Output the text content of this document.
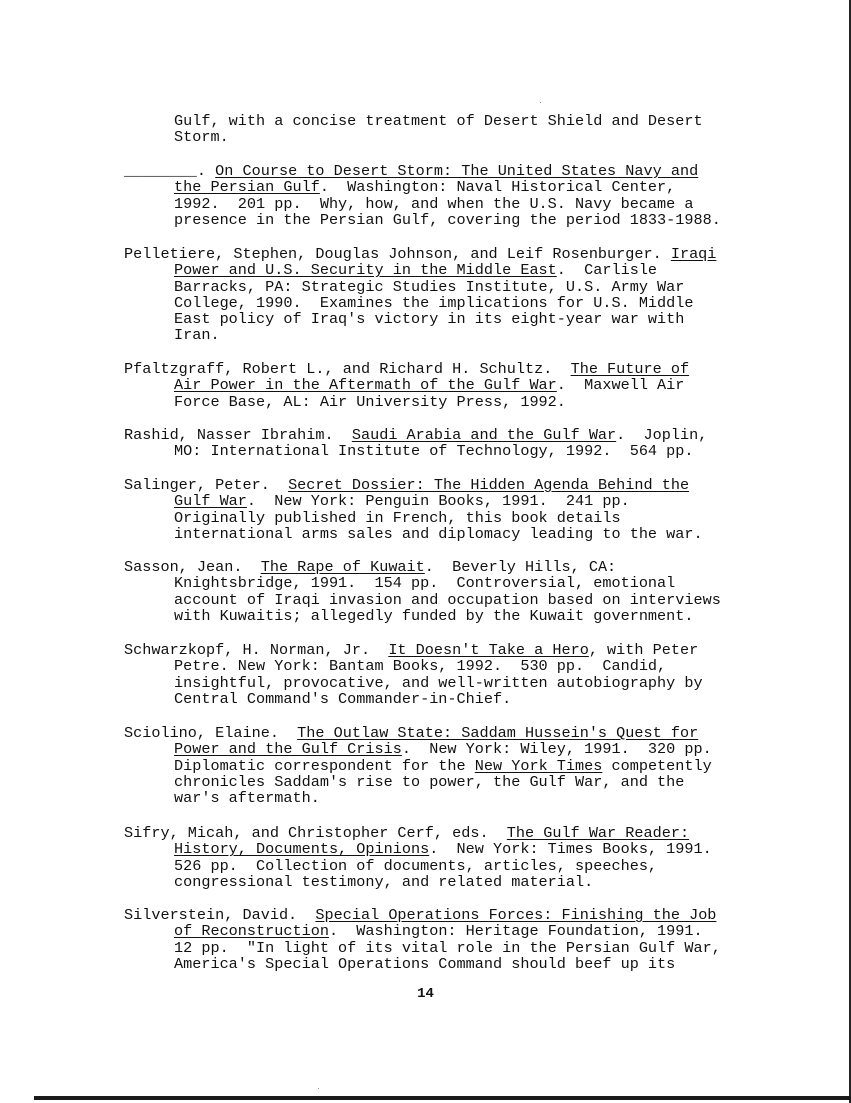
Gulf, with a concise treatment of Desert Shield and Desert
Storm.

________. On Course to Desert Storm: The United States Navy and
the Persian Gulf.  Washington: Naval Historical Center,
1992.  201 pp.  Why, how, and when the U.S. Navy became a
presence in the Persian Gulf, covering the period 1833-1988.

Pelletiere, Stephen, Douglas Johnson, and Leif Rosenburger. Iraqi
Power and U.S. Security in the Middle East.  Carlisle
Barracks, PA: Strategic Studies Institute, U.S. Army War
College, 1990.  Examines the implications for U.S. Middle
East policy of Iraq's victory in its eight-year war with
Iran.

Pfaltzgraff, Robert L., and Richard H. Schultz.  The Future of
Air Power in the Aftermath of the Gulf War.  Maxwell Air
Force Base, AL: Air University Press, 1992.

Rashid, Nasser Ibrahim.  Saudi Arabia and the Gulf War.  Joplin,
MO: International Institute of Technology, 1992.  564 pp.

Salinger, Peter.  Secret Dossier: The Hidden Agenda Behind the
Gulf War.  New York: Penguin Books, 1991.  241 pp.
Originally published in French, this book details
international arms sales and diplomacy leading to the war.

Sasson, Jean.  The Rape of Kuwait.  Beverly Hills, CA:
Knightsbridge, 1991.  154 pp.  Controversial, emotional
account of Iraqi invasion and occupation based on interviews
with Kuwaitis; allegedly funded by the Kuwait government.

Schwarzkopf, H. Norman, Jr.  It Doesn't Take a Hero, with Peter
Petre. New York: Bantam Books, 1992.  530 pp.  Candid,
insightful, provocative, and well-written autobiography by
Central Command's Commander-in-Chief.

Sciolino, Elaine.  The Outlaw State: Saddam Hussein's Quest for
Power and the Gulf Crisis.  New York: Wiley, 1991.  320 pp.
Diplomatic correspondent for the New York Times competently
chronicles Saddam's rise to power, the Gulf War, and the
war's aftermath.

Sifry, Micah, and Christopher Cerf, eds.  The Gulf War Reader:
History, Documents, Opinions.  New York: Times Books, 1991.
526 pp.  Collection of documents, articles, speeches,
congressional testimony, and related material.

Silverstein, David.  Special Operations Forces: Finishing the Job
of Reconstruction.  Washington: Heritage Foundation, 1991.
12 pp.  "In light of its vital role in the Persian Gulf War,
America's Special Operations Command should beef up its

14
